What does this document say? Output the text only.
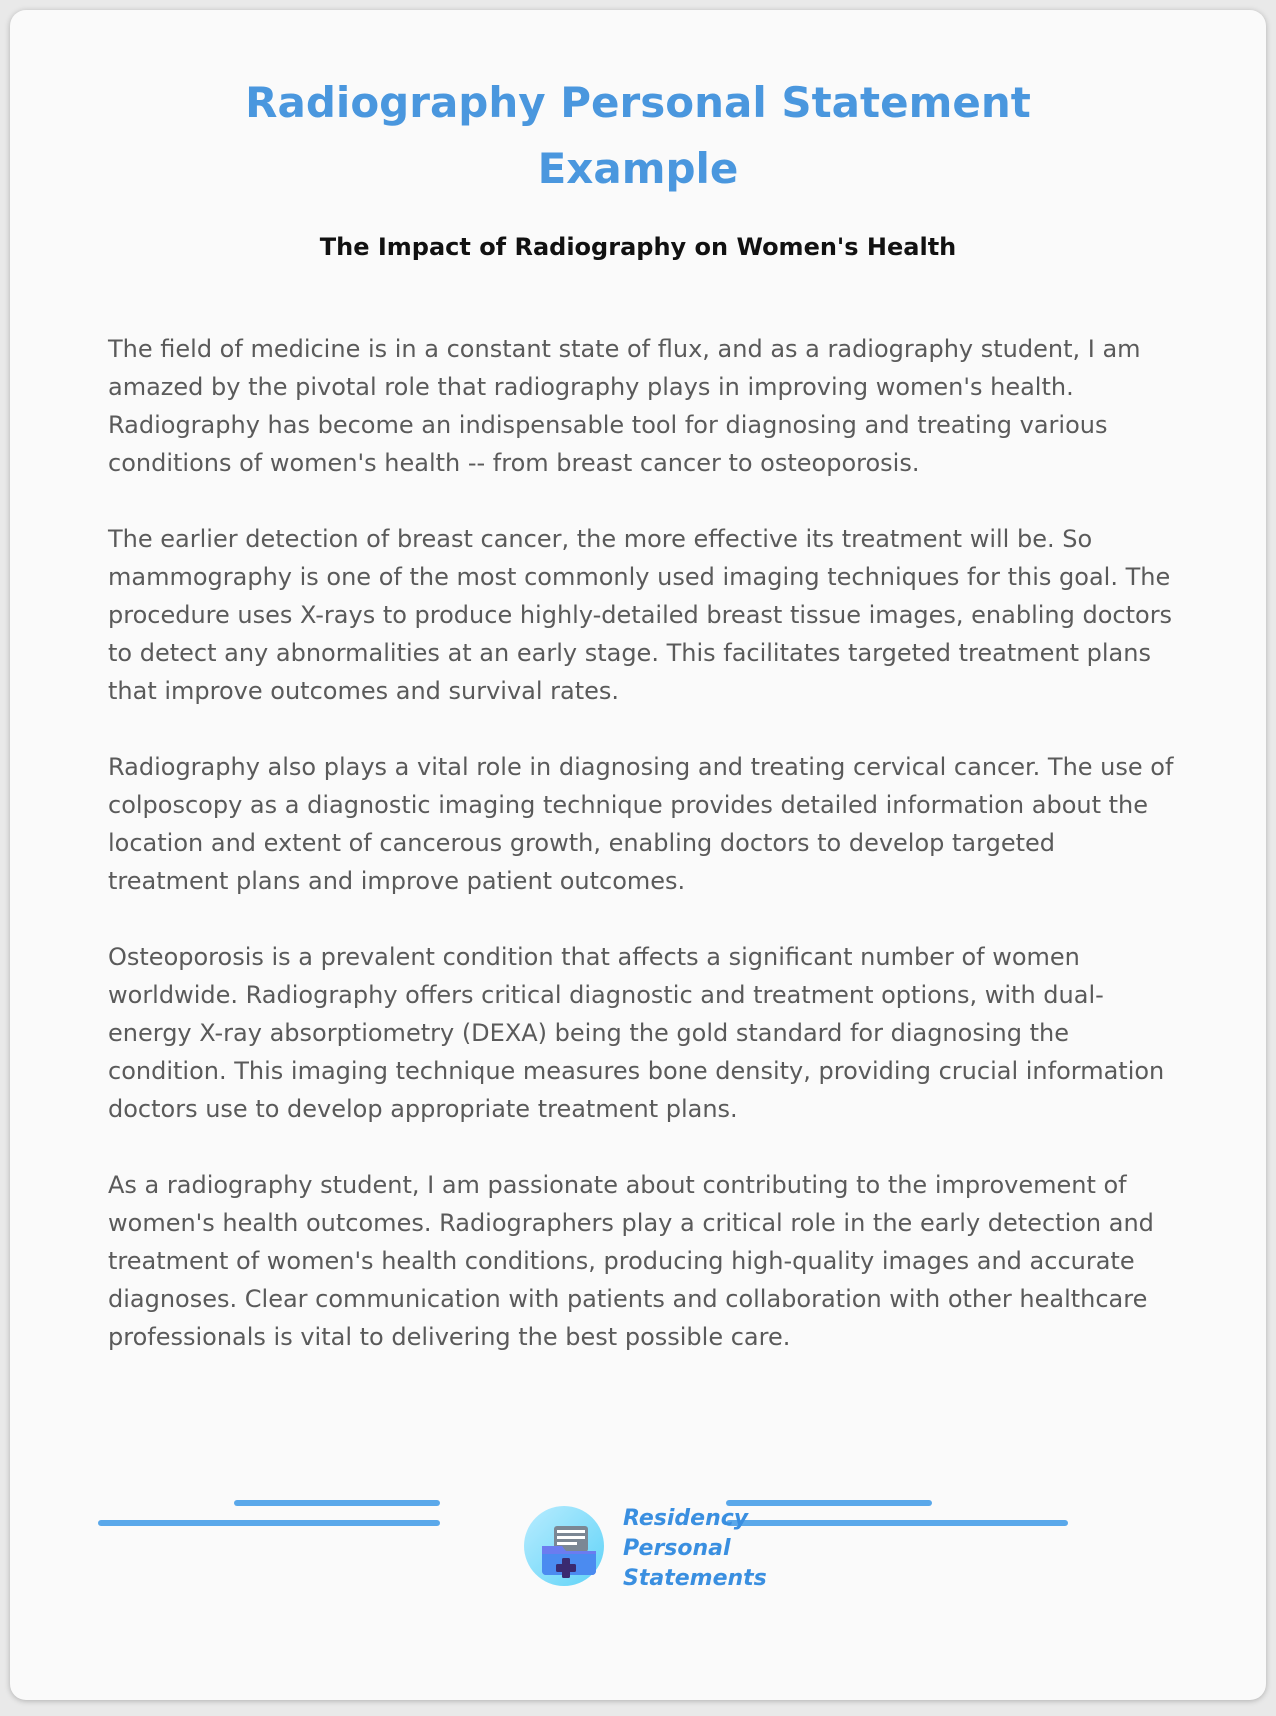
Radiography Personal Statement
Example
The Impact of Radiography on Women's Health

The field of medicine is in a constant state of flux, and as a radiography student, I am amazed by the pivotal role that radiography plays in improving women's health. Radiography has become an indispensable tool for diagnosing and treating various conditions of women's health -- from breast cancer to osteoporosis.

The earlier detection of breast cancer, the more effective its treatment will be. So mammography is one of the most commonly used imaging techniques for this goal. The procedure uses X-rays to produce highly-detailed breast tissue images, enabling doctors to detect any abnormalities at an early stage. This facilitates targeted treatment plans that improve outcomes and survival rates.

Radiography also plays a vital role in diagnosing and treating cervical cancer. The use of colposcopy as a diagnostic imaging technique provides detailed information about the location and extent of cancerous growth, enabling doctors to develop targeted treatment plans and improve patient outcomes.

Osteoporosis is a prevalent condition that affects a significant number of women worldwide. Radiography offers critical diagnostic and treatment options, with dual-energy X-ray absorptiometry (DEXA) being the gold standard for diagnosing the condition. This imaging technique measures bone density, providing crucial information doctors use to develop appropriate treatment plans.

As a radiography student, I am passionate about contributing to the improvement of women's health outcomes. Radiographers play a critical role in the early detection and treatment of women's health conditions, producing high-quality images and accurate diagnoses. Clear communication with patients and collaboration with other healthcare professionals is vital to delivering the best possible care.

Residency
Personal
Statements
